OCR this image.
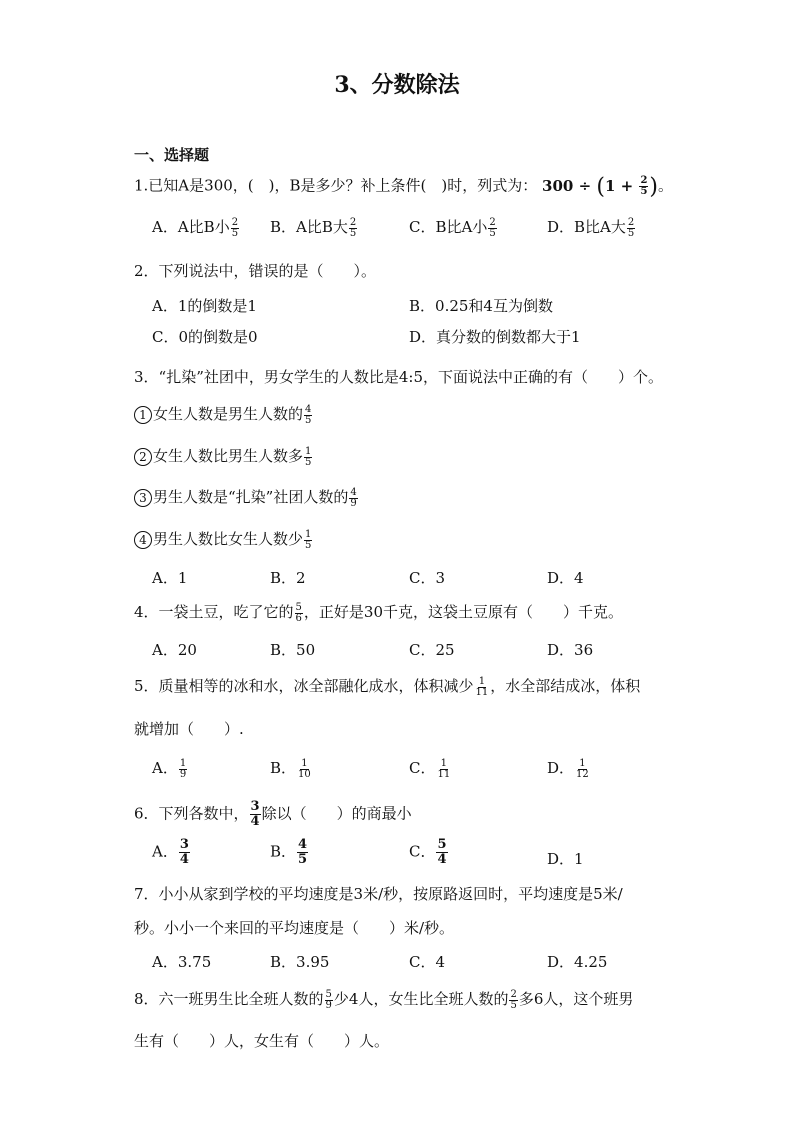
3、分数除法
一、选择题
1.已知A是300，(　 )，B是多少？补上条件(　 )时，列式为： $300 \div (1 + \frac{2}{5}$ )。
A．A比B小 $\frac{2}{5}$ B．A比B大 $\frac{2}{5}$	C．B比A小 $\frac{2}{5}$	D．B比A大 $\frac{2}{5}$
2．下列说法中，错误的是（　　）。
A．1的倒数是1	B．0.25和4互为倒数
C．0的倒数是0	D．真分数的倒数都大于1
3．“扎染”社团中，男女学生的人数比是4:5，下面说法中正确的有（　　）个。
1 女生人数是男生人数的 $\frac{4}{5}$
2 女生人数比男生人数多 $\frac{1}{5}$
3 男生人数是“扎染”社团人数的 $\frac{4}{9}$
4 男生人数比女生人数少 $\frac{1}{5}$
A．1	B．2	C．3	D．4
4．一袋土豆，吃了它的 $\frac{5}{6}$ ，正好是30千克，这袋土豆原有（　　）千克。
A．20	B．50	C．25	D．36
5．质量相等的冰和水，冰全部融化成水，体积减少 $\frac{1}{11}$ ，水全部结成冰，体积
就增加（　　）.
A． $\frac{1}{9}$	B． $\frac{1}{10}$	C． $\frac{1}{11}$	D． $\frac{1}{12}$
6．下列各数中， $\frac{3}{4}$ 除以（　　）的商最小
A． $\frac{3}{4}$	B． $\frac{4}{5}$	C． $\frac{5}{4}$	D．1
7．小小从家到学校的平均速度是3米/秒，按原路返回时，平均速度是5米/
秒。小小一个来回的平均速度是（　　）米/秒。
A．3.75	B．3.95	C．4	D．4.25
8．六一班男生比全班人数的 $\frac{5}{9}$ 少4人，女生比全班人数的 $\frac{2}{5}$ 多6人，这个班男
生有（　　）人，女生有（　　）人。
